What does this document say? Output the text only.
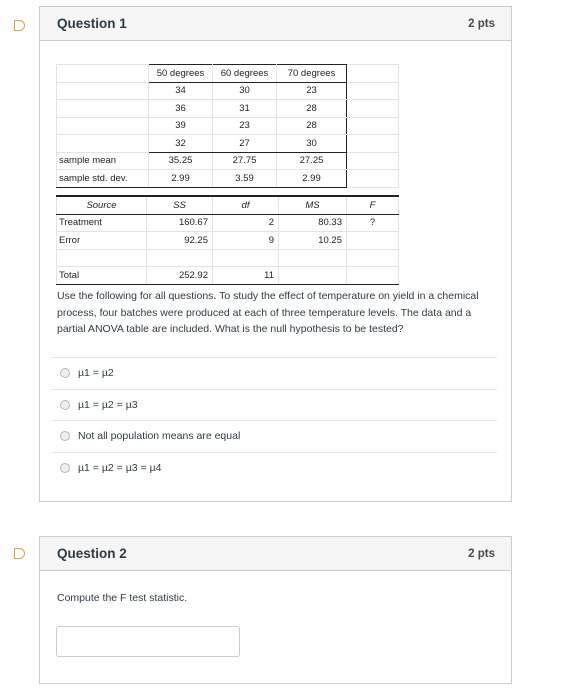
Question 1	2 pts
	50 degrees	60 degrees	70 degrees	
	34	30	23	
	36	31	28	
	39	23	28	
	32	27	30	
sample mean	35.25	27.75	27.25	
sample std. dev.	2.99	3.59	2.99	
Source	SS	df	MS	F
Treatment	160.67	2	80.33	?
Error	92.25	9	10.25	

Total	252.92	11		
Use the following for all questions. To study the effect of temperature on yield in a chemical process, four batches were produced at each of three temperature levels. The data and a partial ANOVA table are included. What is the null hypothesis to be tested?
µ1 = µ2
µ1 = µ2 = µ3
Not all population means are equal
µ1 = µ2 = µ3 = µ4
Question 2	2 pts
Compute the F test statistic.
